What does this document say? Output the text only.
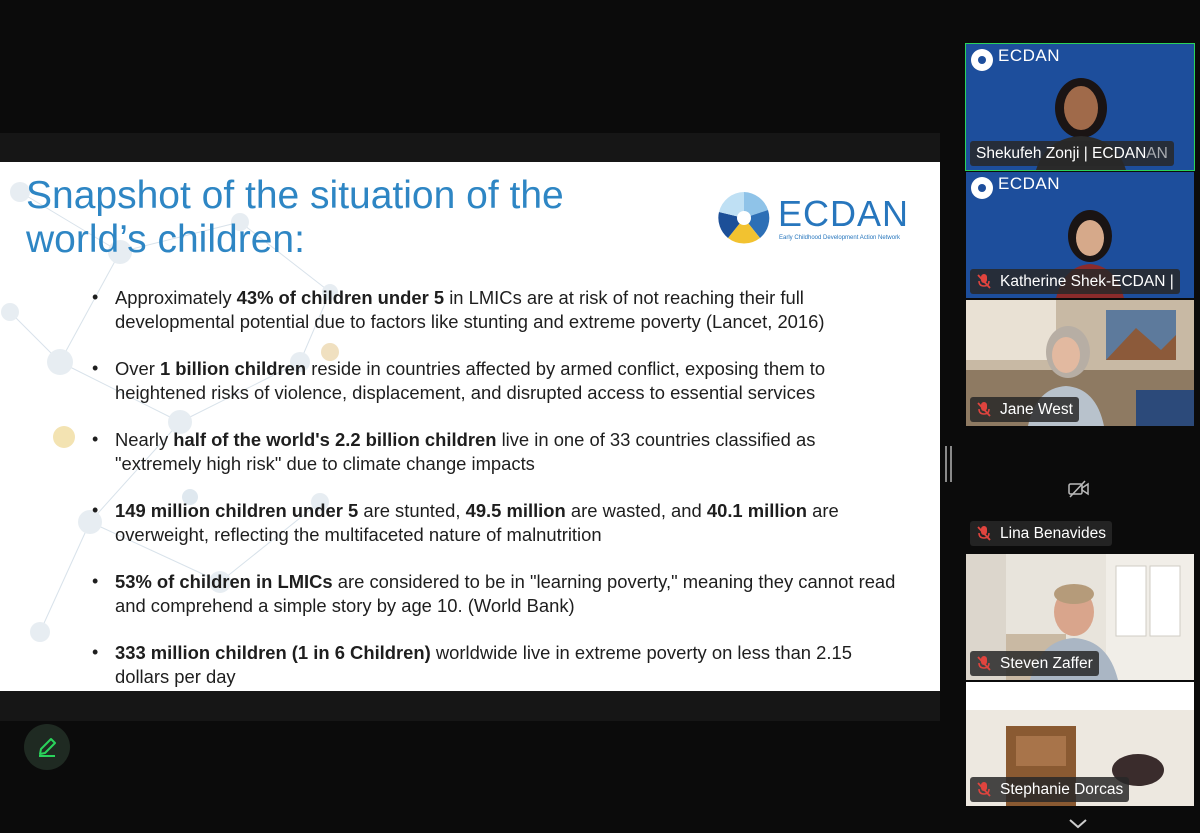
Snapshot of the situation of the world’s children:
ECDAN
Early Childhood Development Action Network
• Approximately 43% of children under 5 in LMICs are at risk of not reaching their full developmental potential due to factors like stunting and extreme poverty (Lancet, 2016)
• Over 1 billion children reside in countries affected by armed conflict, exposing them to heightened risks of violence, displacement, and disrupted access to essential services
• Nearly half of the world's 2.2 billion children live in one of 33 countries classified as "extremely high risk" due to climate change impacts
• 149 million children under 5 are stunted, 49.5 million are wasted, and 40.1 million are overweight, reflecting the multifaceted nature of malnutrition
• 53% of children in LMICs are considered to be in "learning poverty," meaning they cannot read and comprehend a simple story by age 10. (World Bank)
• 333 million children (1 in 6 Children) worldwide live in extreme poverty on less than 2.15 dollars per day
ECDAN
Shekufeh Zonji | ECDANAN
ECDAN
Katherine Shek-ECDAN |
Jane West
Lina Benavides
Steven Zaffer
Stephanie Dorcas
